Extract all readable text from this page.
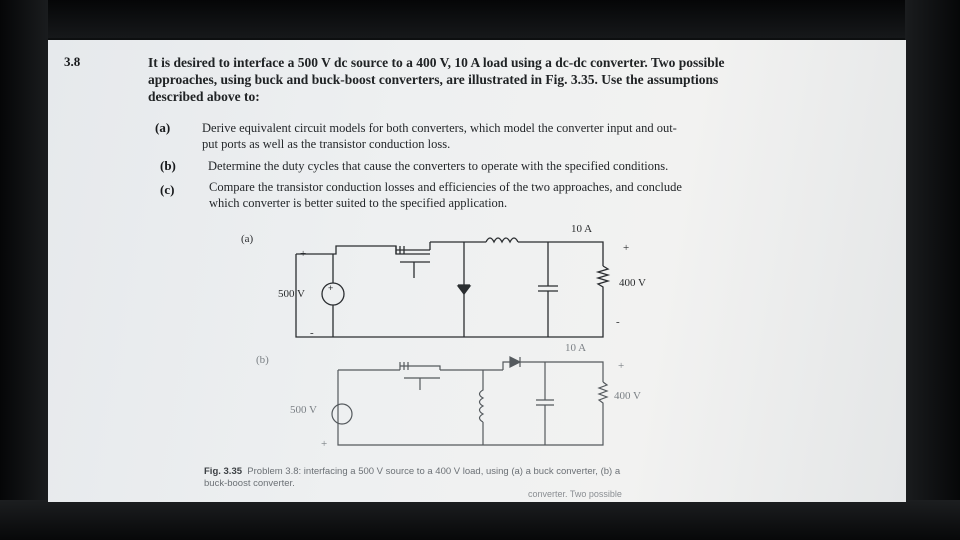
3.8	It is desired to interface a 500 V dc source to a 400 V, 10 A load using a dc-dc converter. Two possible
approaches, using buck and buck-boost converters, are illustrated in Fig. 3.35. Use the assumptions
described above to:
(a)	Derive equivalent circuit models for both converters, which model the converter input and out-
put ports as well as the transistor conduction loss.
(b)	Determine the duty cycles that cause the converters to operate with the specified conditions.
(c)	Compare the transistor conduction losses and efficiencies of the two approaches, and conclude
which converter is better suited to the specified application.
(a)
+
500 V
-
10 A
+
400 V
-
(b)
500 V
+
10 A
+
400 V
Fig. 3.35 Problem 3.8: interfacing a 500 V source to a 400 V load, using (a) a buck converter, (b) a
buck-boost converter.
converter. Two possible
+
